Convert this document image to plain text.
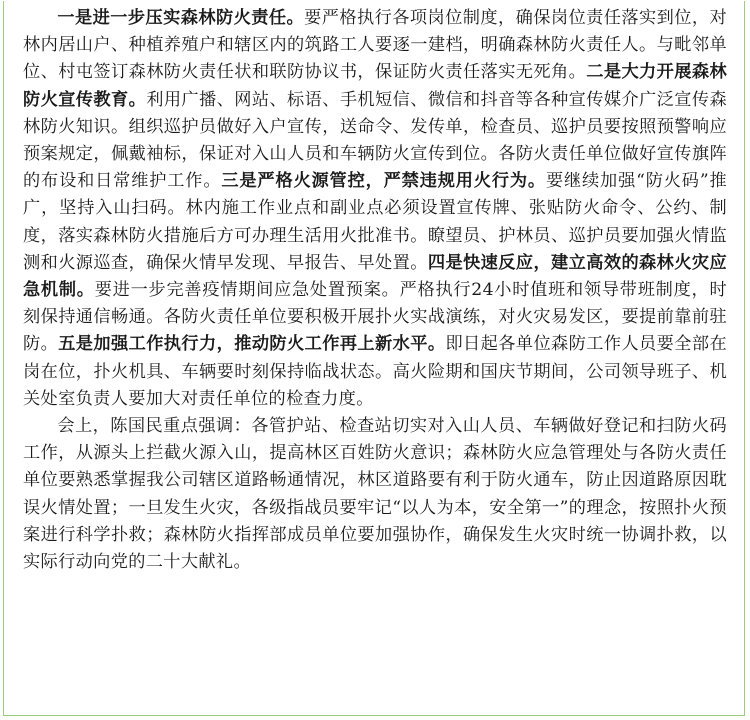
一是进一步压实森林防火责任。要严格执行各项岗位制度，确保岗位责任落实到位，对林内居山户、种植养殖户和辖区内的筑路工人要逐一建档，明确森林防火责任人。与毗邻单位、村屯签订森林防火责任状和联防协议书，保证防火责任落实无死角。二是大力开展森林防火宣传教育。利用广播、网站、标语、手机短信、微信和抖音等各种宣传媒介广泛宣传森林防火知识。组织巡护员做好入户宣传，送命令、发传单，检查员、巡护员要按照预警响应预案规定，佩戴袖标，保证对入山人员和车辆防火宣传到位。各防火责任单位做好宣传旗阵的布设和日常维护工作。三是严格火源管控，严禁违规用火行为。要继续加强“防火码”推广，坚持入山扫码。林内施工作业点和副业点必须设置宣传牌、张贴防火命令、公约、制度，落实森林防火措施后方可办理生活用火批准书。瞭望员、护林员、巡护员要加强火情监测和火源巡查，确保火情早发现、早报告、早处置。四是快速反应，建立高效的森林火灾应急机制。要进一步完善疫情期间应急处置预案。严格执行24小时值班和领导带班制度，时刻保持通信畅通。各防火责任单位要积极开展扑火实战演练，对火灾易发区，要提前靠前驻防。五是加强工作执行力，推动防火工作再上新水平。即日起各单位森防工作人员要全部在岗在位，扑火机具、车辆要时刻保持临战状态。高火险期和国庆节期间，公司领导班子、机关处室负责人要加大对责任单位的检查力度。

会上，陈国民重点强调：各管护站、检查站切实对入山人员、车辆做好登记和扫防火码工作，从源头上拦截火源入山，提高林区百姓防火意识；森林防火应急管理处与各防火责任单位要熟悉掌握我公司辖区道路畅通情况，林区道路要有利于防火通车，防止因道路原因耽误火情处置；一旦发生火灾，各级指战员要牢记“以人为本，安全第一”的理念，按照扑火预案进行科学扑救；森林防火指挥部成员单位要加强协作，确保发生火灾时统一协调扑救，以实际行动向党的二十大献礼。
